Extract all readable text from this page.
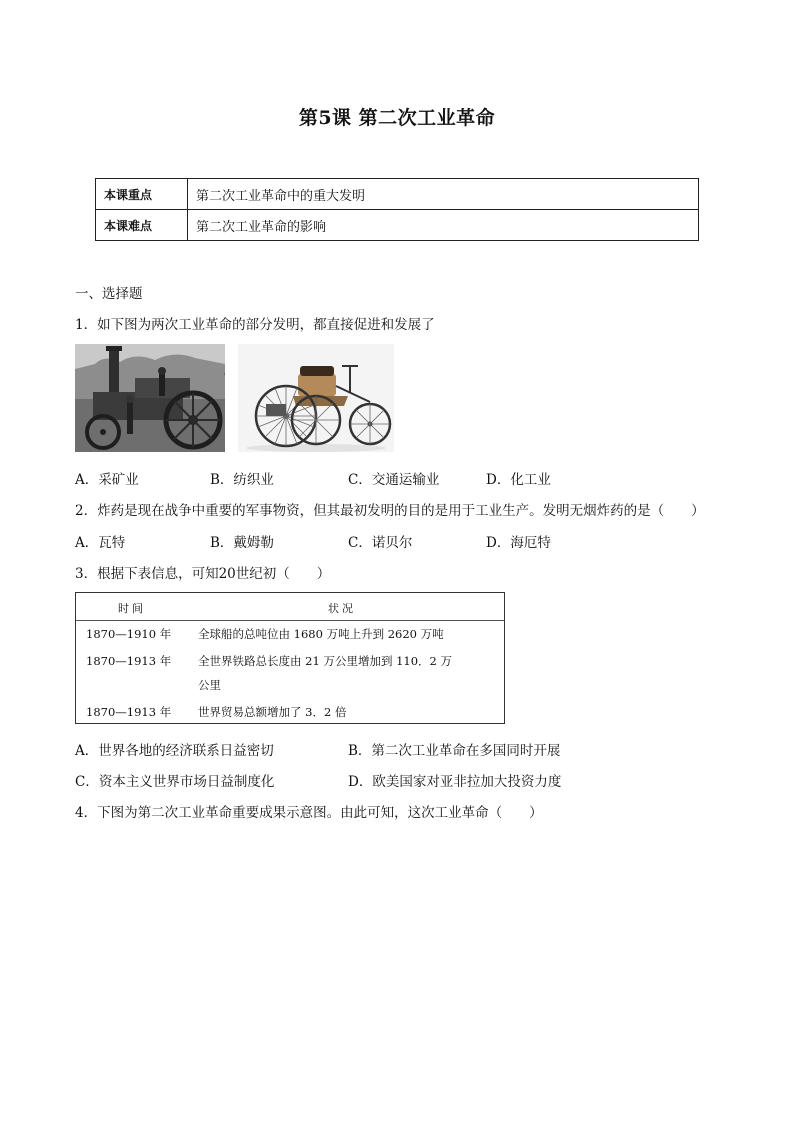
第5课 第二次工业革命
本课重点	第二次工业革命中的重大发明
本课难点	第二次工业革命的影响
一、选择题
1．如下图为两次工业革命的部分发明，都直接促进和发展了
A．采矿业	B．纺织业	C．交通运输业	D．化工业
2．炸药是现在战争中重要的军事物资，但其最初发明的目的是用于工业生产。发明无烟炸药的是（　　）
A．瓦特	B．戴姆勒	C．诺贝尔	D．海厄特
3．根据下表信息，可知20世纪初（　　）
时间	状况
1870—1910 年 全球船的总吨位由 1680 万吨上升到 2620 万吨
1870—1913 年 全世界铁路总长度由 21 万公里增加到 110．2 万
公里
1870—1913 年 世界贸易总额增加了 3．2 倍
A．世界各地的经济联系日益密切	B．第二次工业革命在多国同时开展
C．资本主义世界市场日益制度化	D．欧美国家对亚非拉加大投资力度
4．下图为第二次工业革命重要成果示意图。由此可知，这次工业革命（　　）
